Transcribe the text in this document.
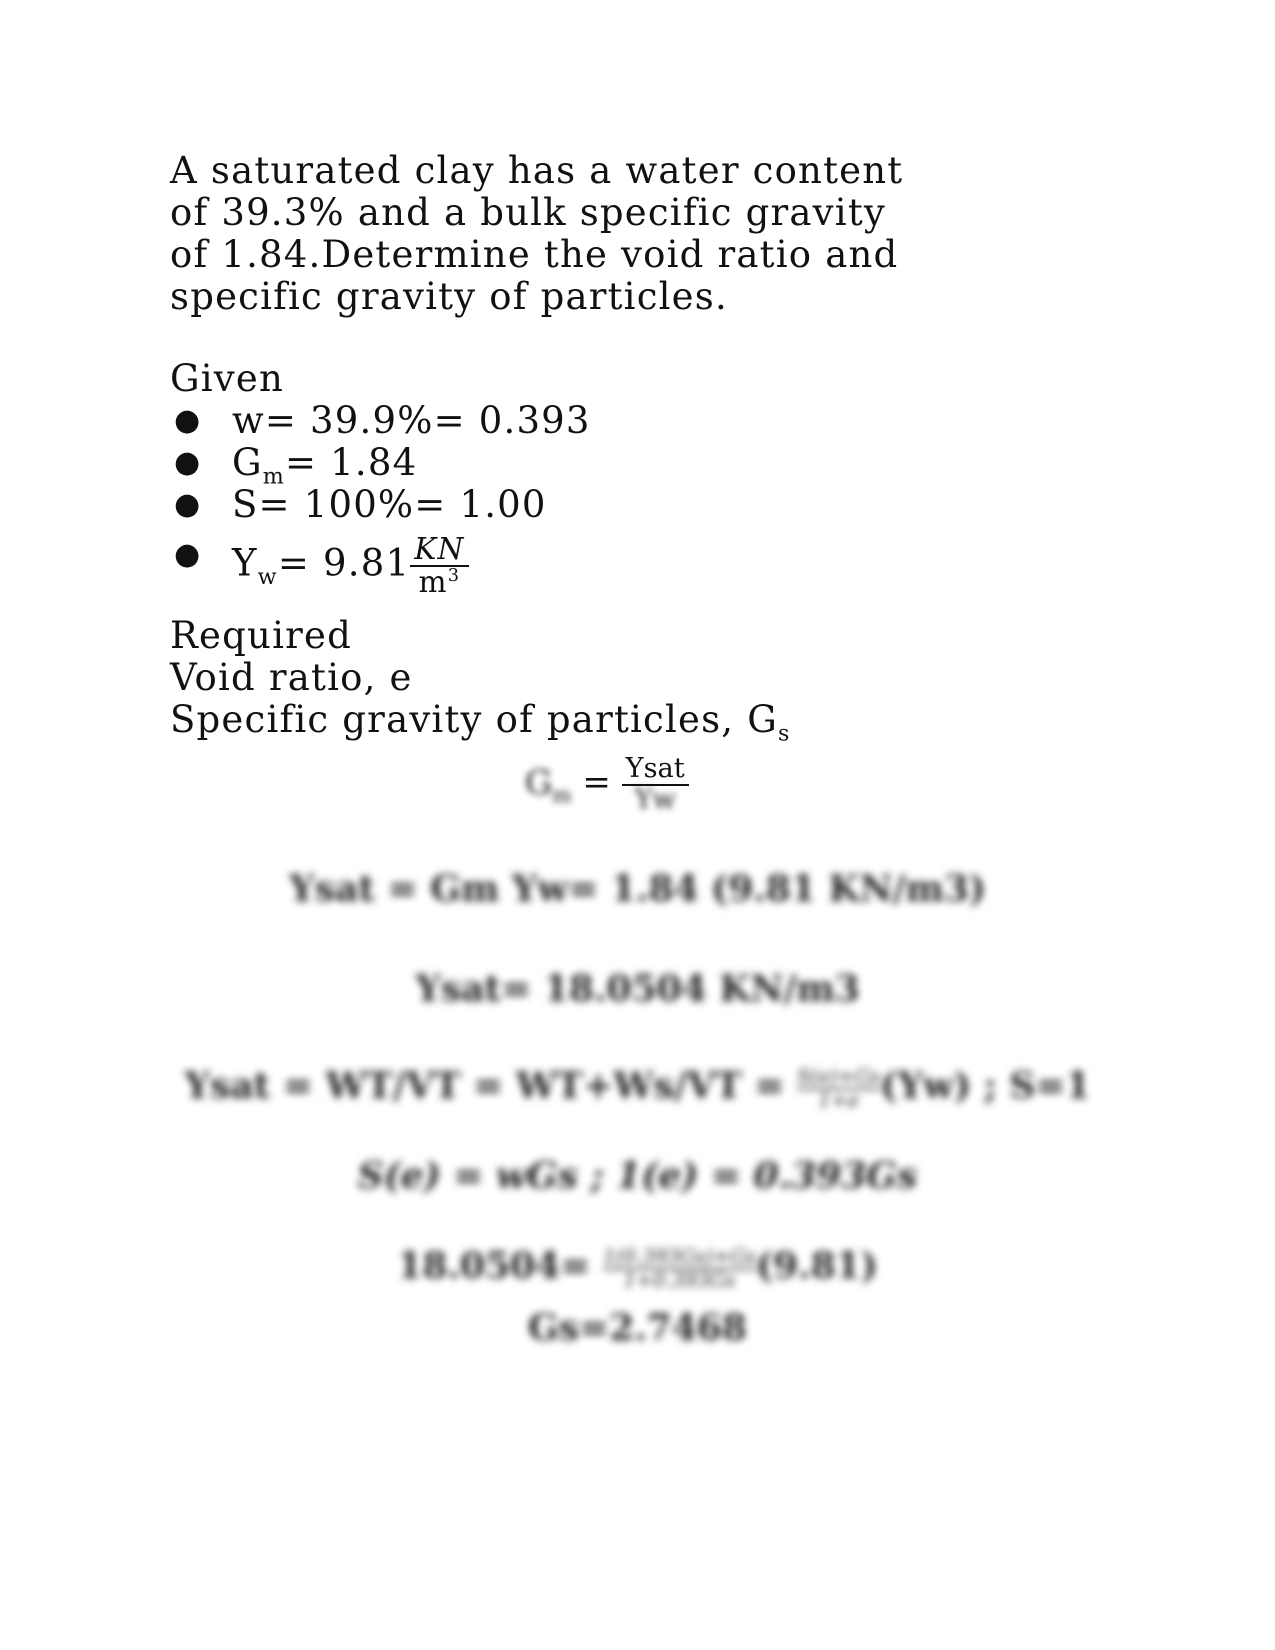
A saturated clay has a water content
of 39.3% and a bulk specific gravity
of 1.84.Determine the void ratio and
specific gravity of particles.
Given
● w= 39.9%= 0.393
● $G_m= 1.84$
● S= 100%= 1.00
● $Y_w= 9.81 \frac{KN}{m^3}$
Required
Void ratio, e
Specific gravity of particles, $G_s$
$G_m = \frac{\text{Ysat}}{Yw}$
Ysat = Gm Yw= 1.84 (9.81 KN/m3)
Ysat= 18.0504 KN/m3
Ysat = $WT/VT = WT+Ws/VT = \frac{S(e)+Gs}{1+e} (Yw)$ ; S=1
S(e) = wGs ; 1(e) = 0.393Gs
$18.0504= \frac{1(0.393Gs)+Gs}{1+0.393Gs} (9.81)$
Gs=2.7468
